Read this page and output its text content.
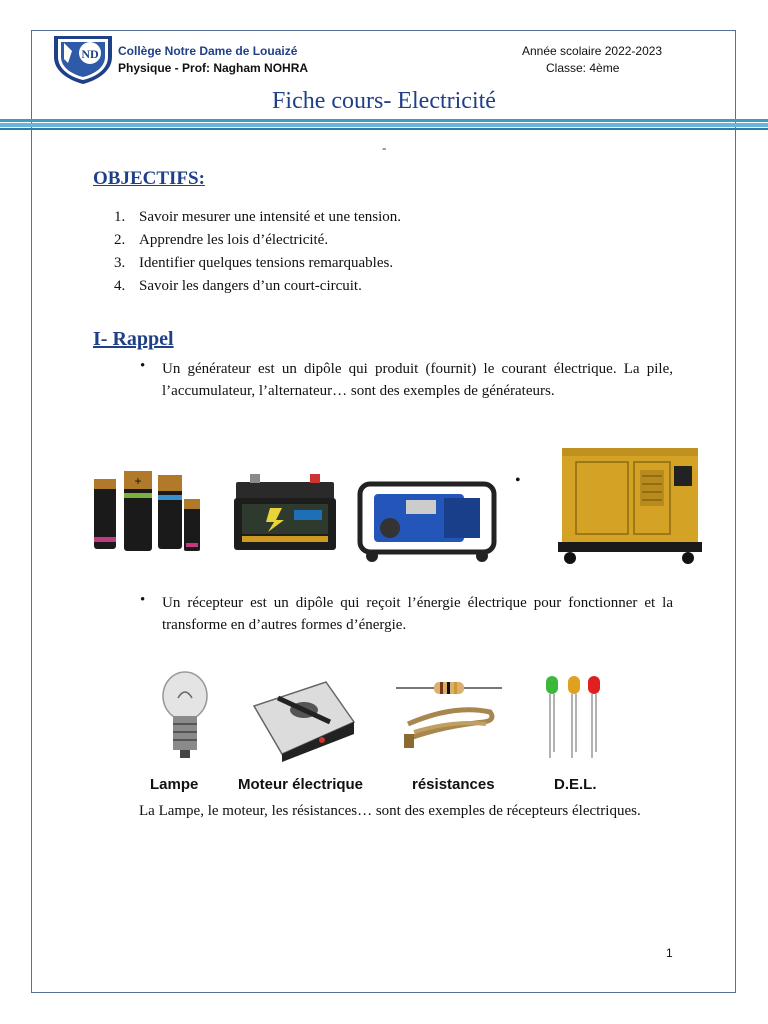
ND Collège Notre Dame de Louaizé
Physique - Prof: Nagham NOHRA
Année scolaire 2022-2023
Classe: 4ème
Fiche cours- Electricité
-
OBJECTIFS:
1. Savoir mesurer une intensité et une tension.
2. Apprendre les lois d’électricité.
3. Identifier quelques tensions remarquables.
4. Savoir les dangers d’un court-circuit.
I- Rappel
• Un générateur est un dipôle qui produit (fournit) le courant électrique. La pile, l’accumulateur, l’alternateur… sont des exemples de générateurs.
+	•
• Un récepteur est un dipôle qui reçoit l’énergie électrique pour fonctionner et la transforme en d’autres formes d’énergie.
Lampe	Moteur électrique	résistances	D.E.L.
La Lampe, le moteur, les résistances… sont des exemples de récepteurs électriques.
1
